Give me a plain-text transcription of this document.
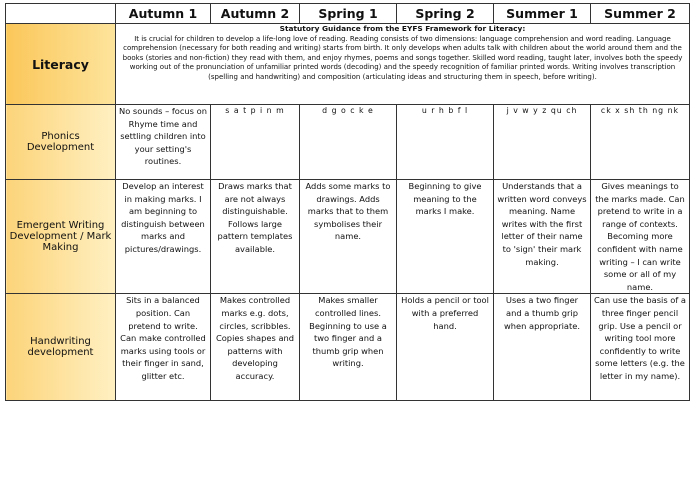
	Autumn 1	Autumn 2	Spring 1	Spring 2	Summer 1	Summer 2
Literacy	Statutory Guidance from the EYFS Framework for Literacy:
It is crucial for children to develop a life-long love of reading. Reading consists of two dimensions: language comprehension and word reading. Language comprehension (necessary for both reading and writing) starts from birth. It only develops when adults talk with children about the world around them and the books (stories and non-fiction) they read with them, and enjoy rhymes, poems and songs together. Skilled word reading, taught later, involves both the speedy working out of the pronunciation of unfamiliar printed words (decoding) and the speedy recognition of familiar printed words. Writing involves transcription (spelling and handwriting) and composition (articulating ideas and structuring them in speech, before writing).					
Phonics Development	No sounds – focus on Rhyme time and settling children into your setting's routines.	s a t p i n m	d g o c k e	u r h b f l	j v w y z qu ch	ck x sh th ng nk
Emergent Writing Development / Mark Making	Develop an interest in making marks. I am beginning to distinguish between marks and pictures/drawings.	Draws marks that are not always distinguishable. Follows large pattern templates available.	Adds some marks to drawings. Adds marks that to them symbolises their name.	Beginning to give meaning to the marks I make.	Understands that a written word conveys meaning. Name writes with the first letter of their name to 'sign' their mark making.	Gives meanings to the marks made. Can pretend to write in a range of contexts. Becoming more confident with name writing – I can write some or all of my name.
Handwriting development	Sits in a balanced position. Can pretend to write. Can make controlled marks using tools or their finger in sand, glitter etc.	Makes controlled marks e.g. dots, circles, scribbles. Copies shapes and patterns with developing accuracy.	Makes smaller controlled lines. Beginning to use a two finger and a thumb grip when writing.	Holds a pencil or tool with a preferred hand.	Uses a two finger and a thumb grip when appropriate.	Can use the basis of a three finger pencil grip. Use a pencil or writing tool more confidently to write some letters (e.g. the letter in my name).
